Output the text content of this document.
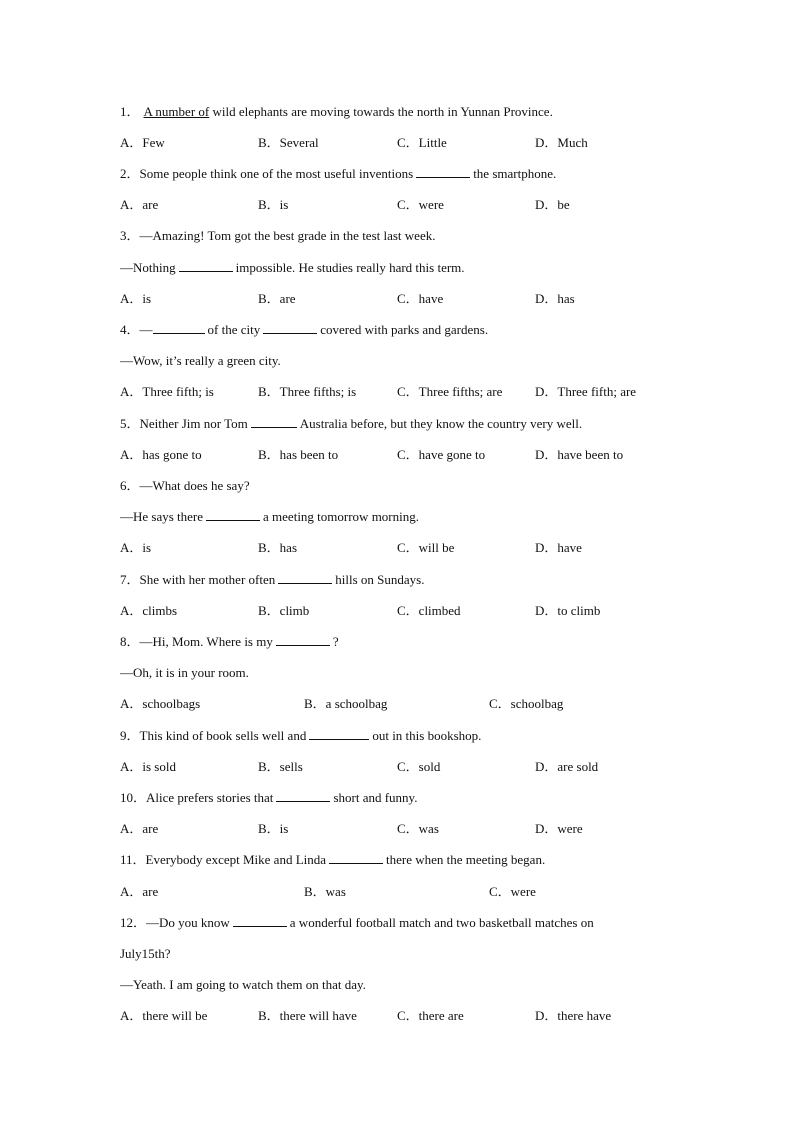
1． A number of wild elephants are moving towards the north in Yunnan Province.
A．Few	B．Several	C．Little	D．Much
2．Some people think one of the most useful inventions	the smartphone.
A．are	B．is	C．were	D．be
3．—Amazing! Tom got the best grade in the test last week.
—Nothing	impossible. He studies really hard this term.
A．is	B．are	C．have	D．has
4．—	of the city	covered with parks and gardens.
—Wow, it’s really a green city.
A．Three fifth; is	B．Three fifths; is	C．Three fifths; are	D．Three fifth; are
5．Neither Jim nor Tom	Australia before, but they know the country very well.
A．has gone to	B．has been to	C．have gone to	D．have been to
6．—What does he say?
—He says there	a meeting tomorrow morning.
A．is	B．has	C．will be	D．have
7．She with her mother often	hills on Sundays.
A．climbs	B．climb	C．climbed	D．to climb
8．—Hi, Mom. Where is my	?
—Oh, it is in your room.
A．schoolbags	B．a schoolbag	C．schoolbag
9．This kind of book sells well and	out in this bookshop.
A．is sold	B．sells	C．sold	D．are sold
10．Alice prefers stories that	short and funny.
A．are	B．is	C．was	D．were
11．Everybody except Mike and Linda	there when the meeting began.
A．are	B．was	C．were
12．—Do you know	a wonderful football match and two basketball matches on
July15th?
—Yeath. I am going to watch them on that day.
A．there will be	B．there will have	C．there are	D．there have
